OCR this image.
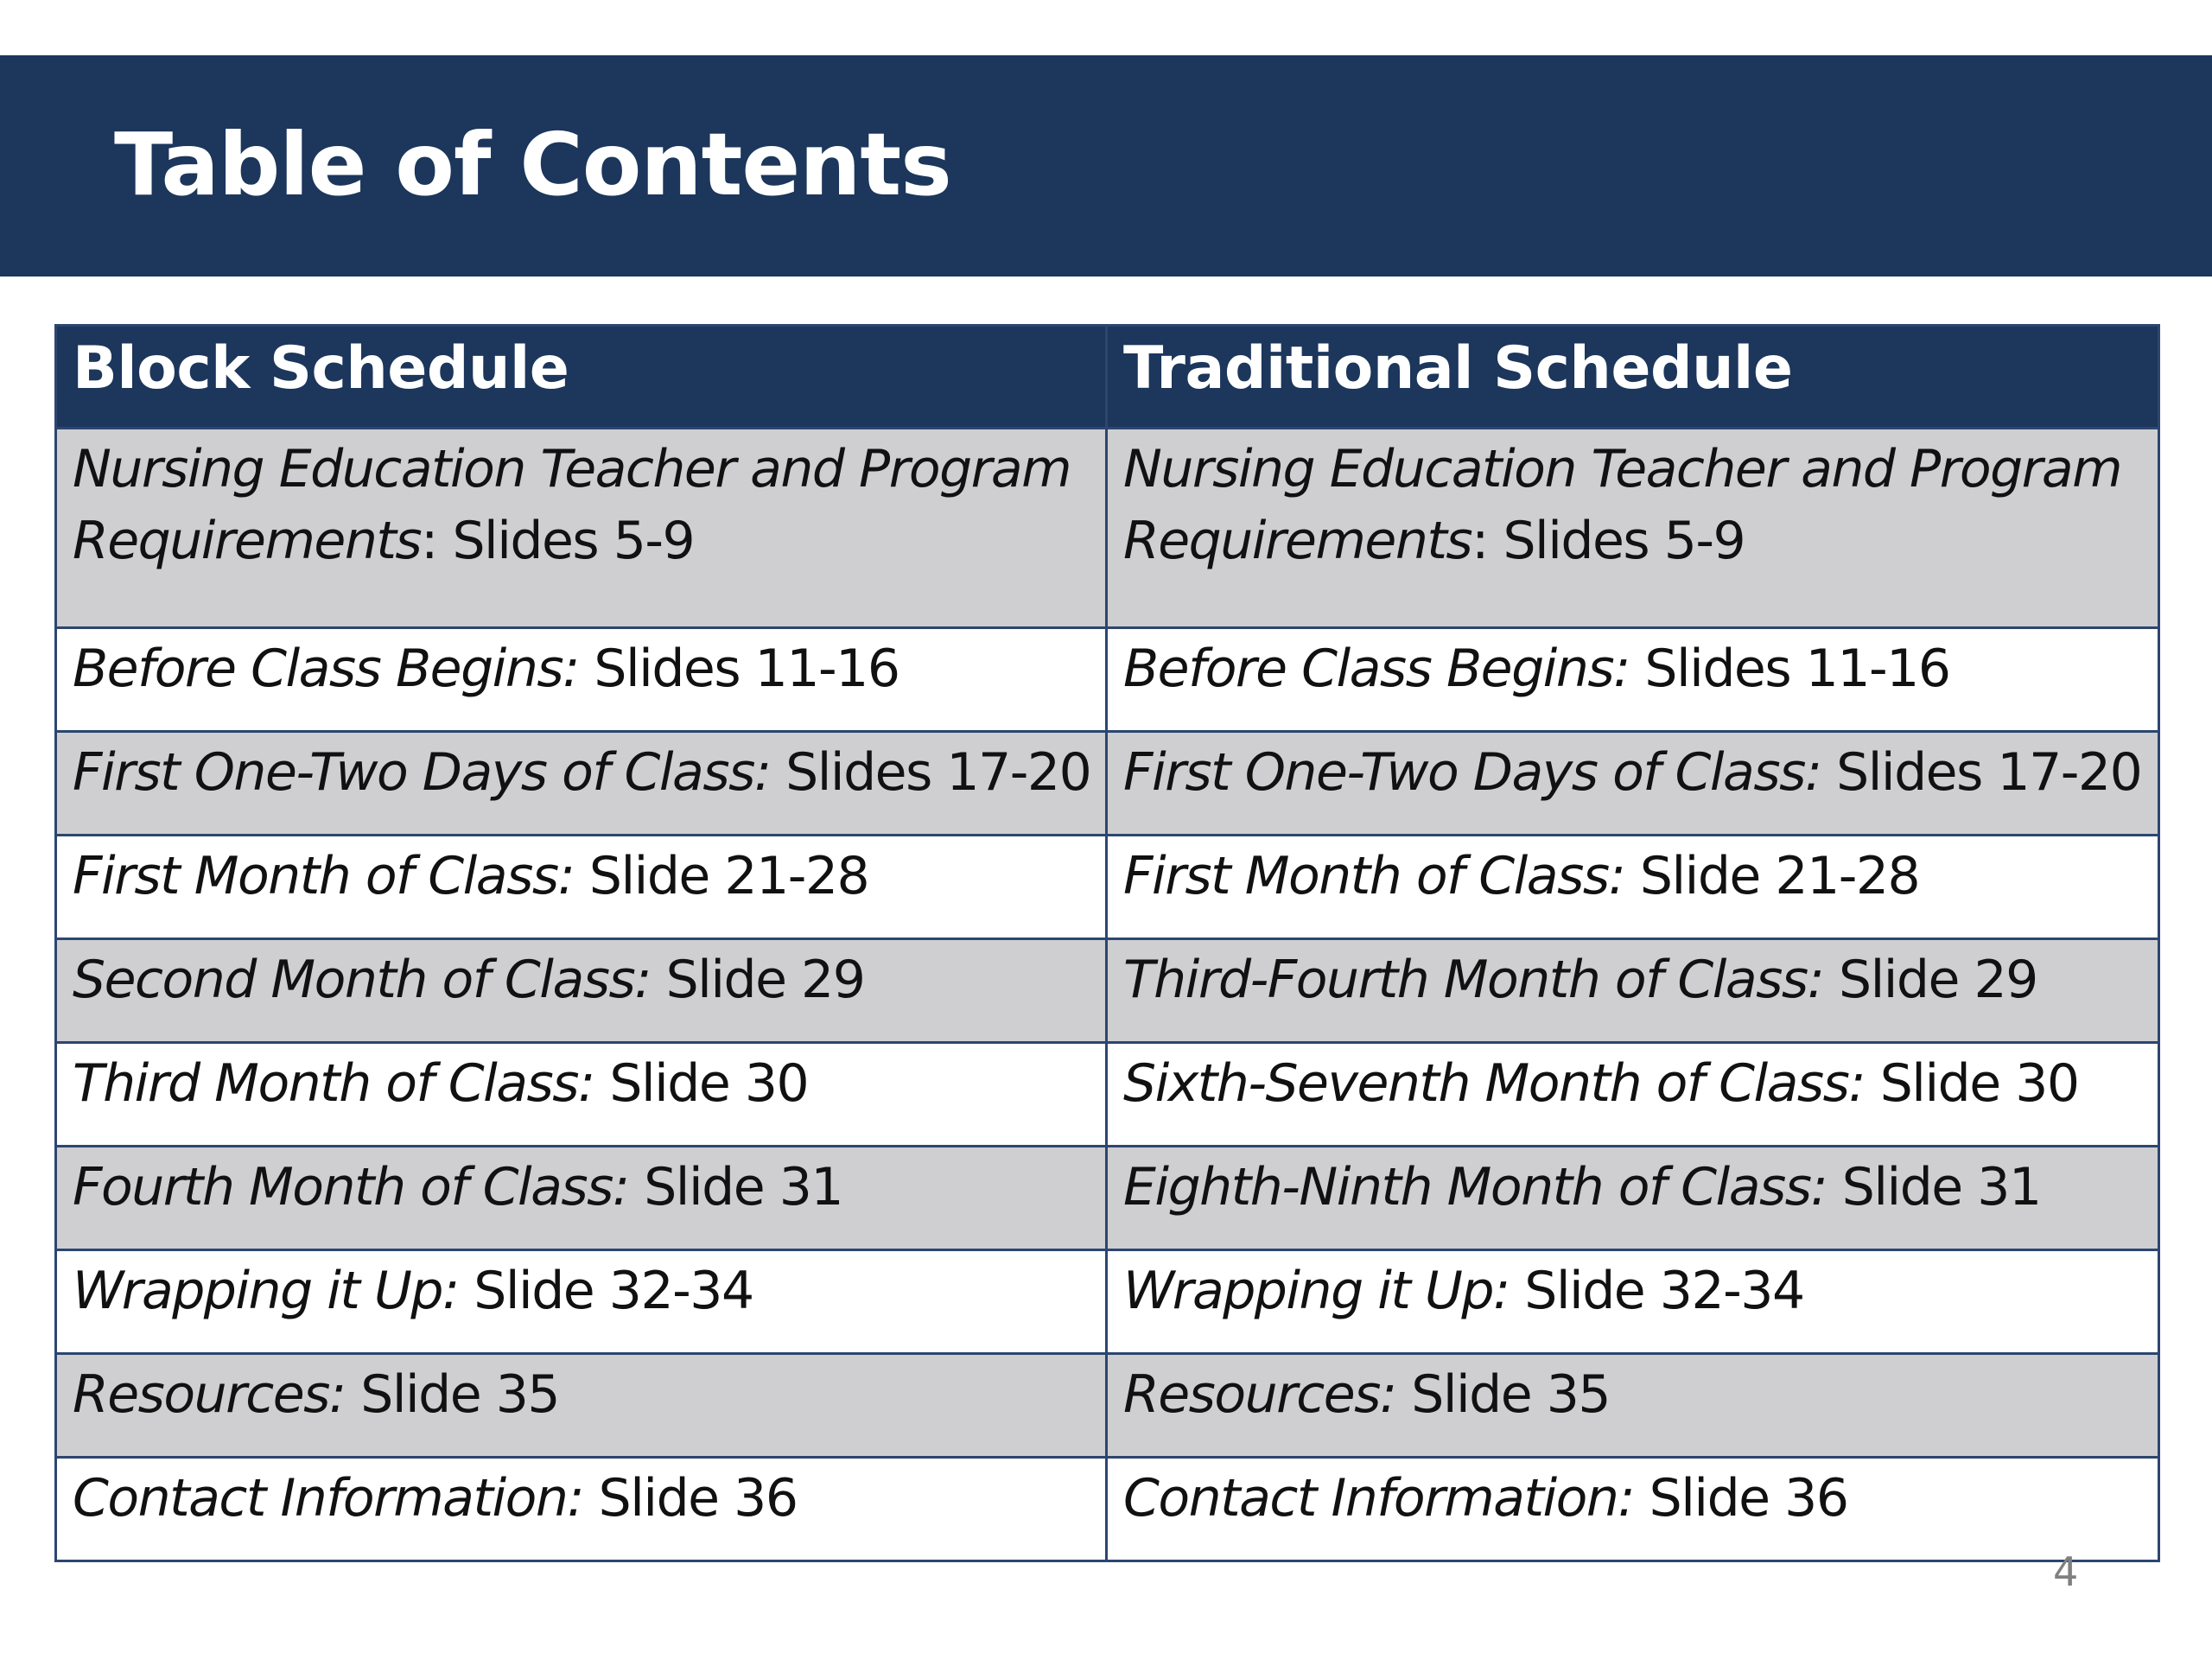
Table of Contents
Block Schedule	Traditional Schedule
Nursing Education Teacher and Program Requirements: Slides 5-9	Nursing Education Teacher and Program Requirements: Slides 5-9
Before Class Begins: Slides 11-16	Before Class Begins: Slides 11-16
First One-Two Days of Class: Slides 17-20	First One-Two Days of Class: Slides 17-20
First Month of Class: Slide 21-28	First Month of Class: Slide 21-28
Second Month of Class: Slide 29	Third-Fourth Month of Class: Slide 29
Third Month of Class: Slide 30	Sixth-Seventh Month of Class: Slide 30
Fourth Month of Class: Slide 31	Eighth-Ninth Month of Class: Slide 31
Wrapping it Up: Slide 32-34	Wrapping it Up: Slide 32-34
Resources: Slide 35	Resources: Slide 35
Contact Information: Slide 36	Contact Information: Slide 36
4
